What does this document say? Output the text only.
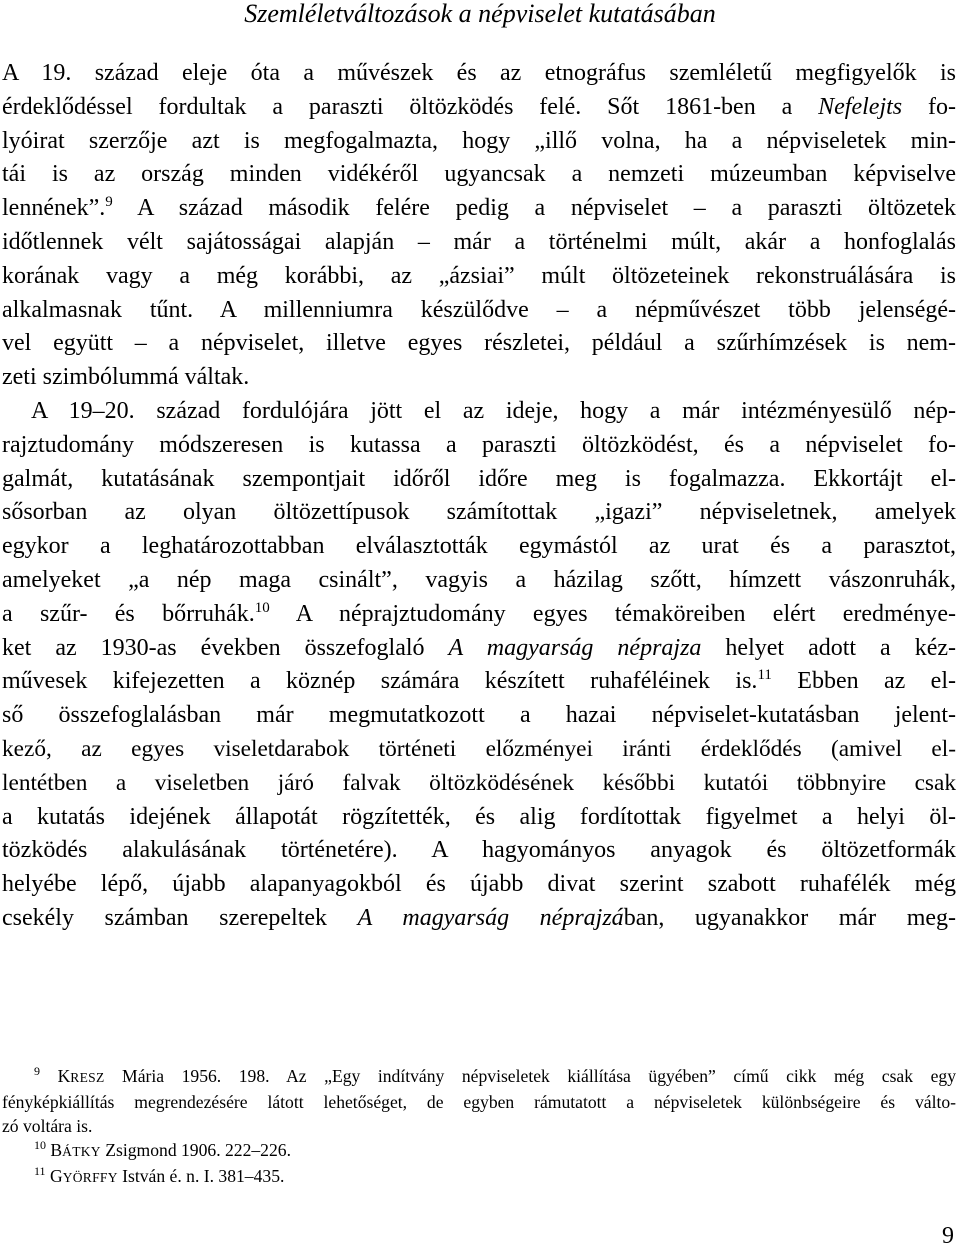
Szemléletváltozások a népviselet kutatásában
A 19. század eleje óta a művészek és az etnográfus szemléletű megfigyelők is
érdeklődéssel fordultak a paraszti öltözködés felé. Sőt 1861-ben a Nefelejts fo-
lyóirat szerzője azt is megfogalmazta, hogy „illő volna, ha a népviseletek min-
tái is az ország minden vidékéről ugyancsak a nemzeti múzeumban képviselve
lennének”.$^9$ A század második felére pedig a népviselet – a paraszti öltözetek
időtlennek vélt sajátosságai alapján – már a történelmi múlt, akár a honfoglalás
korának vagy a még korábbi, az „ázsiai” múlt öltözeteinek rekonstruálására is
alkalmasnak tűnt. A millenniumra készülődve – a népművészet több jelenségé-
vel együtt – a népviselet, illetve egyes részletei, például a szűrhímzések is nem-
zeti szimbólummá váltak.
A 19–20. század fordulójára jött el az ideje, hogy a már intézményesülő nép-
rajztudomány módszeresen is kutassa a paraszti öltözködést, és a népviselet fo-
galmát, kutatásának szempontjait időről időre meg is fogalmazza. Ekkortájt el-
sősorban az olyan öltözettípusok számítottak „igazi” népviseletnek, amelyek
egykor a leghatározottabban elválasztották egymástól az urat és a parasztot,
amelyeket „a nép maga csinált”, vagyis a házilag szőtt, hímzett vászonruhák,
a szűr- és bőrruhák.$^{10}$ A néprajztudomány egyes témaköreiben elért eredménye-
ket az 1930-as években összefoglaló A magyarság néprajza helyet adott a kéz-
művesek kifejezetten a köznép számára készített ruhaféléinek is.$^{11}$ Ebben az el-
ső összefoglalásban már megmutatkozott a hazai népviselet-kutatásban jelent-
kező, az egyes viseletdarabok történeti előzményei iránti érdeklődés (amivel el-
lentétben a viseletben járó falvak öltözködésének későbbi kutatói többnyire csak
a kutatás idejének állapotát rögzítették, és alig fordítottak figyelmet a helyi öl-
tözködés alakulásának történetére). A hagyományos anyagok és öltözetformák
helyébe lépő, újabb alapanyagokból és újabb divat szerint szabott ruhafélék még
csekély számban szerepeltek A magyarság néprajzában, ugyanakkor már meg-
$^9$ KRESZ Mária 1956. 198. Az „Egy indítvány népviseletek kiállítása ügyében” című cikk még csak egy
fényképkiállítás megrendezésére látott lehetőséget, de egyben rámutatott a népviseletek különbségeire és válto-
zó voltára is.
$^{10}$ BÁTKY Zsigmond 1906. 222–226.
$^{11}$ GYÖRFFY István é. n. I. 381–435.
9
